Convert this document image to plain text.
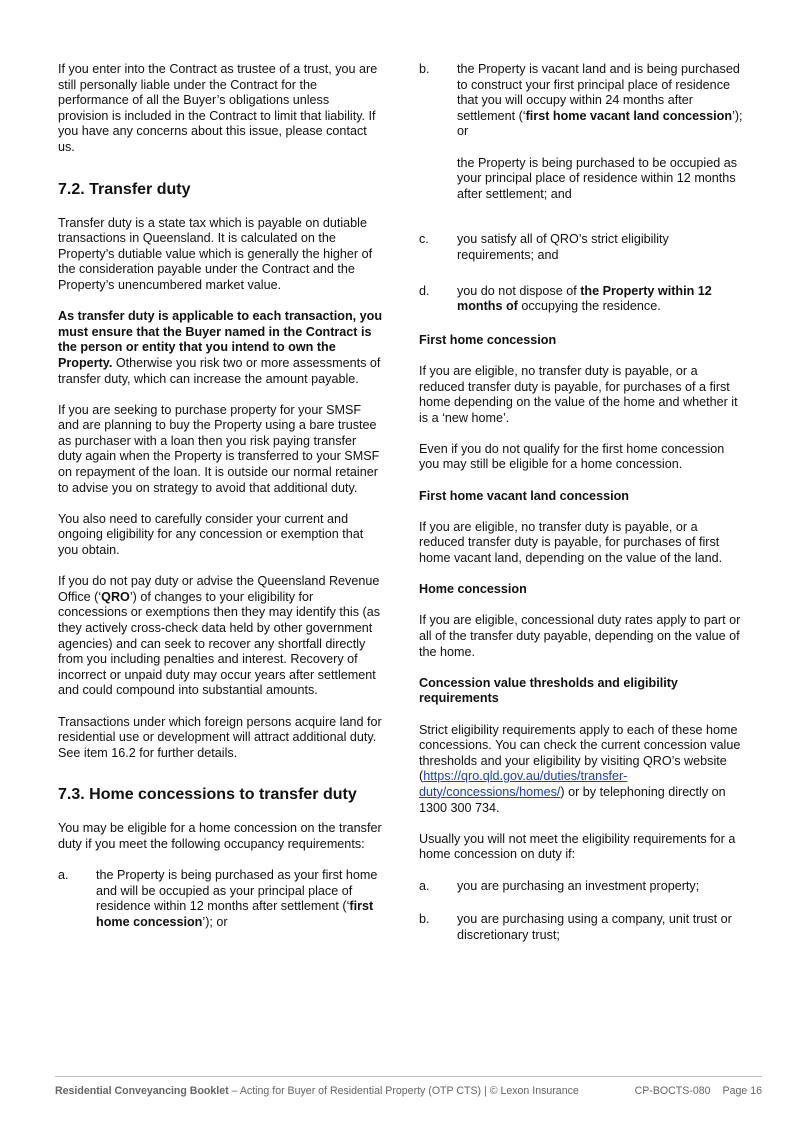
If you enter into the Contract as trustee of a trust, you are still personally liable under the Contract for the performance of all the Buyer’s obligations unless provision is included in the Contract to limit that liability. If you have any concerns about this issue, please contact us.

7.2. Transfer duty

Transfer duty is a state tax which is payable on dutiable transactions in Queensland. It is calculated on the Property’s dutiable value which is generally the higher of the consideration payable under the Contract and the Property’s unencumbered market value.

As transfer duty is applicable to each transaction, you must ensure that the Buyer named in the Contract is the person or entity that you intend to own the Property. Otherwise you risk two or more assessments of transfer duty, which can increase the amount payable.

If you are seeking to purchase property for your SMSF and are planning to buy the Property using a bare trustee as purchaser with a loan then you risk paying transfer duty again when the Property is transferred to your SMSF on repayment of the loan. It is outside our normal retainer to advise you on strategy to avoid that additional duty.

You also need to carefully consider your current and ongoing eligibility for any concession or exemption that you obtain.

If you do not pay duty or advise the Queensland Revenue Office (‘QRO’) of changes to your eligibility for concessions or exemptions then they may identify this (as they actively cross-check data held by other government agencies) and can seek to recover any shortfall directly from you including penalties and interest. Recovery of incorrect or unpaid duty may occur years after settlement and could compound into substantial amounts.

Transactions under which foreign persons acquire land for residential use or development will attract additional duty. See item 16.2 for further details.

7.3. Home concessions to transfer duty

You may be eligible for a home concession on the transfer duty if you meet the following occupancy requirements:

a.	the Property is being purchased as your first home and will be occupied as your principal place of residence within 12 months after settlement (‘first home concession’); or
b.	the Property is vacant land and is being purchased to construct your first principal place of residence that you will occupy within 24 months after settlement (‘first home vacant land concession’); or

the Property is being purchased to be occupied as your principal place of residence within 12 months after settlement; and

c.	you satisfy all of QRO’s strict eligibility requirements; and
d.	you do not dispose of the Property within 12 months of occupying the residence.
First home concession

If you are eligible, no transfer duty is payable, or a reduced transfer duty is payable, for purchases of a first home depending on the value of the home and whether it is a ‘new home’.

Even if you do not qualify for the first home concession you may still be eligible for a home concession.

First home vacant land concession

If you are eligible, no transfer duty is payable, or a reduced transfer duty is payable, for purchases of first home vacant land, depending on the value of the land.

Home concession

If you are eligible, concessional duty rates apply to part or all of the transfer duty payable, depending on the value of the home.

Concession value thresholds and eligibility requirements

Strict eligibility requirements apply to each of these home concessions. You can check the current concession value thresholds and your eligibility by visiting QRO’s website (https://qro.qld.gov.au/duties/transfer-duty/concessions/homes/) or by telephoning directly on 1300 300 734.

Usually you will not meet the eligibility requirements for a home concession on duty if:

a.	you are purchasing an investment property;
b.	you are purchasing using a company, unit trust or discretionary trust;
Residential Conveyancing Booklet – Acting for Buyer of Residential Property (OTP CTS) | © Lexon Insurance	CP-BOCTS-080 Page 16
